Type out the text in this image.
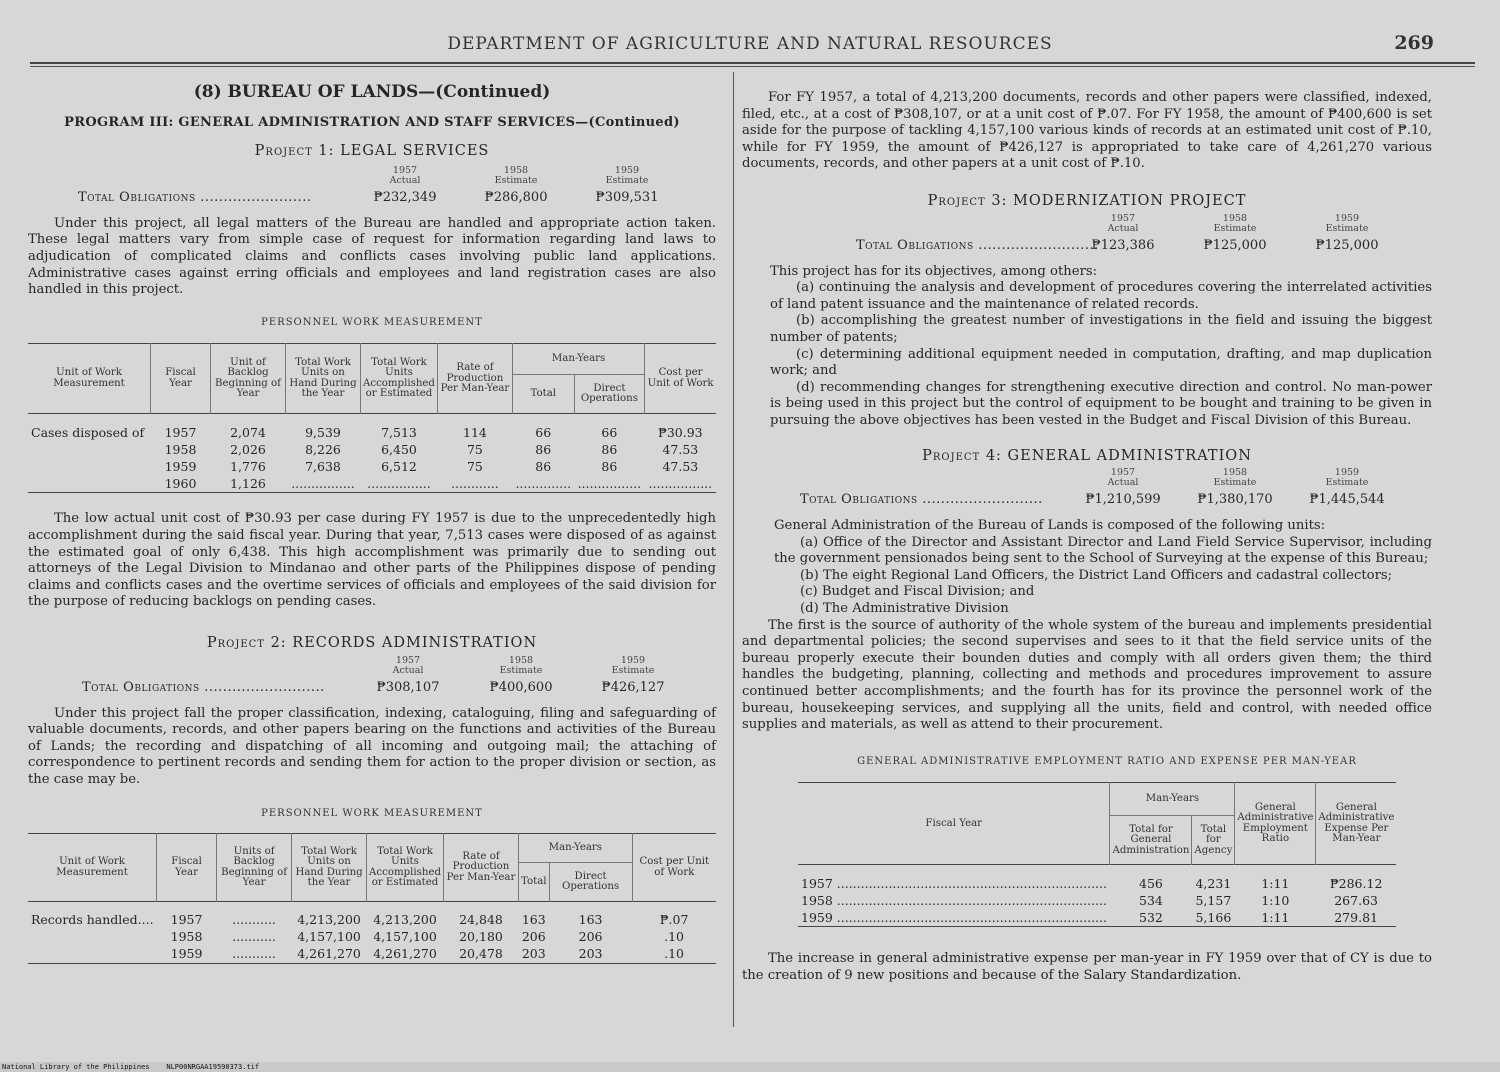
DEPARTMENT OF AGRICULTURE AND NATURAL RESOURCES	269
(8) BUREAU OF LANDS—(Continued)
PROGRAM III: GENERAL ADMINISTRATION AND STAFF SERVICES—(Continued)
Project 1: LEGAL SERVICES
1957
Actual
1958
Estimate
1959
Estimate
Total Obligations ........................	₱232,349	₱286,800	₱309,531

Under this project, all legal matters of the Bureau are handled and appropriate action taken. These legal matters vary from simple case of request for information regarding land laws to adjudication of complicated claims and conflicts cases involving public land applications. Administrative cases against erring officials and employees and land registration cases are also handled in this project.

PERSONNEL WORK MEASUREMENT
Unit of Work Measurement	Fiscal Year	Unit of Backlog Beginning of Year	Total Work Units on Hand During the Year	Total Work Units Accomplished or Estimated	Rate of Production Per Man-Year	Man-Years		Cost per Unit of Work
						Total	Direct Operations	
Cases disposed of	1957	2,074	9,539	7,513	114	66	66	₱30.93
	1958	2,026	8,226	6,450	75	86	86	47.53
	1959	1,776	7,638	6,512	75	86	86	47.53
	1960	1,126	................	................	............	..............	................	................

The low actual unit cost of ₱30.93 per case during FY 1957 is due to the unprecedentedly high accomplishment during the said fiscal year. During that year, 7,513 cases were disposed of as against the estimated goal of only 6,438. This high accomplishment was primarily due to sending out attorneys of the Legal Division to Mindanao and other parts of the Philippines dispose of pending claims and conflicts cases and the overtime services of officials and employees of the said division for the purpose of reducing backlogs on pending cases.

Project 2: RECORDS ADMINISTRATION
1957
Actual
1958
Estimate
1959
Estimate
Total Obligations ..........................	₱308,107	₱400,600	₱426,127

Under this project fall the proper classification, indexing, cataloguing, filing and safeguarding of valuable documents, records, and other papers bearing on the functions and activities of the Bureau of Lands; the recording and dispatching of all incoming and outgoing mail; the attaching of correspondence to pertinent records and sending them for action to the proper division or section, as the case may be.

PERSONNEL WORK MEASUREMENT
Unit of Work Measurement	Fiscal Year	Units of Backlog Beginning of Year	Total Work Units on Hand During the Year	Total Work Units Accomplished or Estimated	Rate of Production Per Man-Year	Man-Years		Cost per Unit of Work
						Total	Direct Operations	
Records handled....	1957	...........	4,213,200	4,213,200	24,848	163	163	₱.07
	1958	...........	4,157,100	4,157,100	20,180	206	206	.10
	1959	...........	4,261,270	4,261,270	20,478	203	203	.10

For FY 1957, a total of 4,213,200 documents, records and other papers were classified, indexed, filed, etc., at a cost of ₱308,107, or at a unit cost of ₱.07. For FY 1958, the amount of ₱400,600 is set aside for the purpose of tackling 4,157,100 various kinds of records at an estimated unit cost of ₱.10, while for FY 1959, the amount of ₱426,127 is appropriated to take care of 4,261,270 various documents, records, and other papers at a unit cost of ₱.10.

Project 3: MODERNIZATION PROJECT
1957
Actual
1958
Estimate
1959
Estimate
Total Obligations ..........................
₱123,386	₱125,000	₱125,000

This project has for its objectives, among others:

(a) continuing the analysis and development of procedures covering the interrelated activities of land patent issuance and the maintenance of related records.

(b) accomplishing the greatest number of investigations in the field and issuing the biggest number of patents;

(c) determining additional equipment needed in computation, drafting, and map duplication work; and

(d) recommending changes for strengthening executive direction and control. No man-power is being used in this project but the control of equipment to be bought and training to be given in pursuing the above objectives has been vested in the Budget and Fiscal Division of this Bureau.

Project 4: GENERAL ADMINISTRATION
1957
Actual
1958
Estimate
1959
Estimate
Total Obligations ..........................	₱1,210,599	₱1,380,170	₱1,445,544

General Administration of the Bureau of Lands is composed of the following units:

(a) Office of the Director and Assistant Director and Land Field Service Supervisor, including the government pensionados being sent to the School of Surveying at the expense of this Bureau;

(b) The eight Regional Land Officers, the District Land Officers and cadastral collectors;

(c) Budget and Fiscal Division; and

(d) The Administrative Division

The first is the source of authority of the whole system of the bureau and implements presidential and departmental policies; the second supervises and sees to it that the field service units of the bureau properly execute their bounden duties and comply with all orders given them; the third handles the budgeting, planning, collecting and methods and procedures improvement to assure continued better accomplishments; and the fourth has for its province the personnel work of the bureau, housekeeping services, and supplying all the units, field and control, with needed office supplies and materials, as well as attend to their procurement.

GENERAL ADMINISTRATIVE EMPLOYMENT RATIO AND EXPENSE PER MAN-YEAR
Fiscal Year	Man-Years		General Administrative Employment Ratio	General Administrative Expense Per Man-Year
	Total for General Administration	Total for Agency		
1957 ....................................................................	456	4,231	1:11	₱286.12
1958 ....................................................................	534	5,157	1:10	267.63
1959 ....................................................................	532	5,166	1:11	279.81

The increase in general administrative expense per man-year in FY 1959 over that of CY is due to the creation of 9 new positions and because of the Salary Standardization.

National Library of the Philippines NLP00NRGAA19590373.tif
